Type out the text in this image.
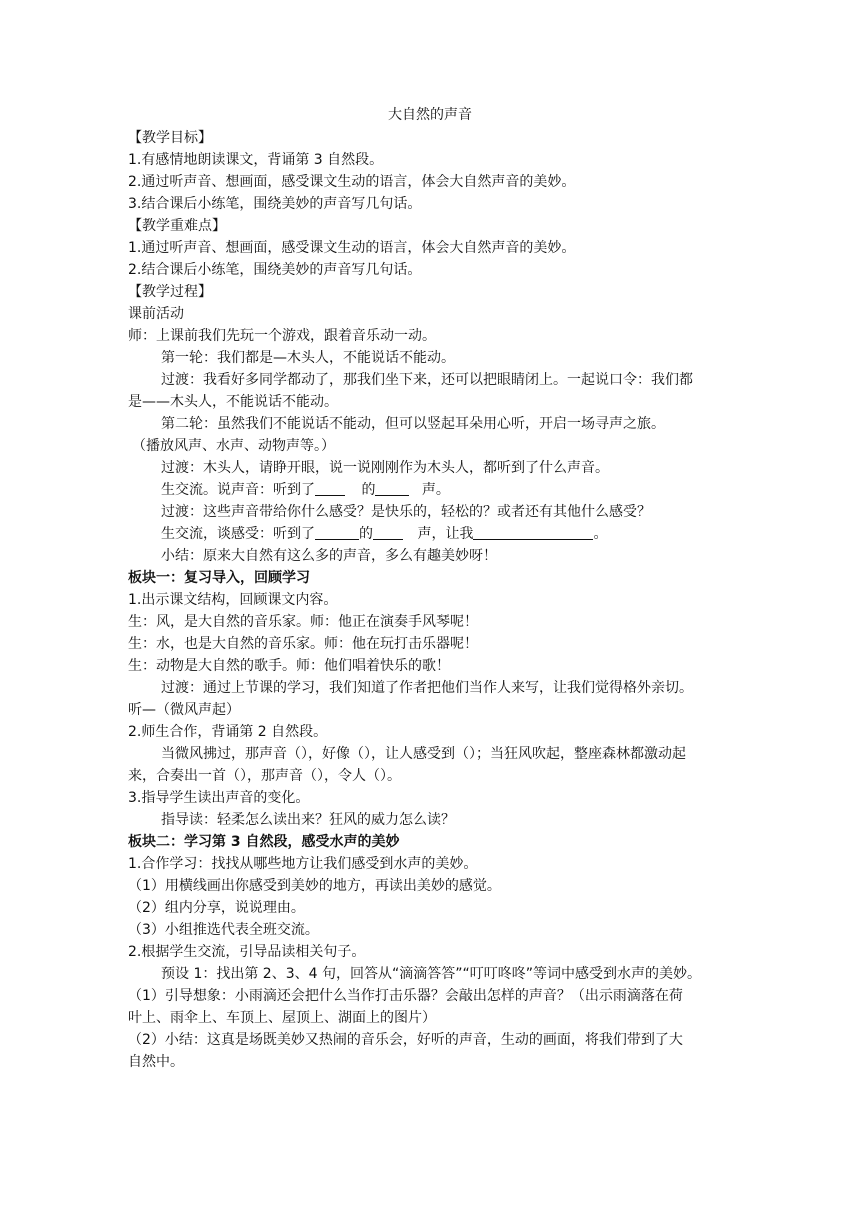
大自然的声音
【教学目标】
1.有感情地朗读课文，背诵第 3 自然段。
2.通过听声音、想画面，感受课文生动的语言，体会大自然声音的美妙。
3.结合课后小练笔，围绕美妙的声音写几句话。
【教学重难点】
1.通过听声音、想画面，感受课文生动的语言，体会大自然声音的美妙。
2.结合课后小练笔，围绕美妙的声音写几句话。
【教学过程】
课前活动
师：上课前我们先玩一个游戏，跟着音乐动一动。
第一轮：我们都是—木头人，不能说话不能动。
过渡：我看好多同学都动了，那我们坐下来，还可以把眼睛闭上。一起说口令：我们都
是——木头人，不能说话不能动。
第二轮：虽然我们不能说话不能动，但可以竖起耳朵用心听，开启一场寻声之旅。
（播放风声、水声、动物声等。）
过渡：木头人，请睁开眼，说一说刚刚作为木头人，都听到了什么声音。
生交流。说声音：听到了	的	声。
过渡：这些声音带给你什么感受？是快乐的，轻松的？或者还有其他什么感受？
生交流，谈感受：听到了	的	声，让我	。
小结：原来大自然有这么多的声音，多么有趣美妙呀！
板块一：复习导入，回顾学习
1.出示课文结构，回顾课文内容。
生：风，是大自然的音乐家。师：他正在演奏手风琴呢！
生：水，也是大自然的音乐家。师：他在玩打击乐器呢！
生：动物是大自然的歌手。师：他们唱着快乐的歌！
过渡：通过上节课的学习，我们知道了作者把他们当作人来写，让我们觉得格外亲切。
听—（微风声起）
2.师生合作，背诵第 2 自然段。
当微风拂过，那声音（），好像（），让人感受到（）；当狂风吹起，整座森林都激动起
来，合奏出一首（），那声音（），令人（）。
3.指导学生读出声音的变化。
指导读：轻柔怎么读出来？狂风的威力怎么读？
板块二：学习第 3 自然段，感受水声的美妙
1.合作学习：找找从哪些地方让我们感受到水声的美妙。
（1）用横线画出你感受到美妙的地方，再读出美妙的感觉。
（2）组内分享，说说理由。
（3）小组推选代表全班交流。
2.根据学生交流，引导品读相关句子。
预设 1：找出第 2、3、4 句，回答从“滴滴答答”“叮叮咚咚”等词中感受到水声的美妙。
（1）引导想象：小雨滴还会把什么当作打击乐器？会敲出怎样的声音？（出示雨滴落在荷
叶上、雨伞上、车顶上、屋顶上、湖面上的图片）
（2）小结：这真是场既美妙又热闹的音乐会，好听的声音，生动的画面，将我们带到了大
自然中。
